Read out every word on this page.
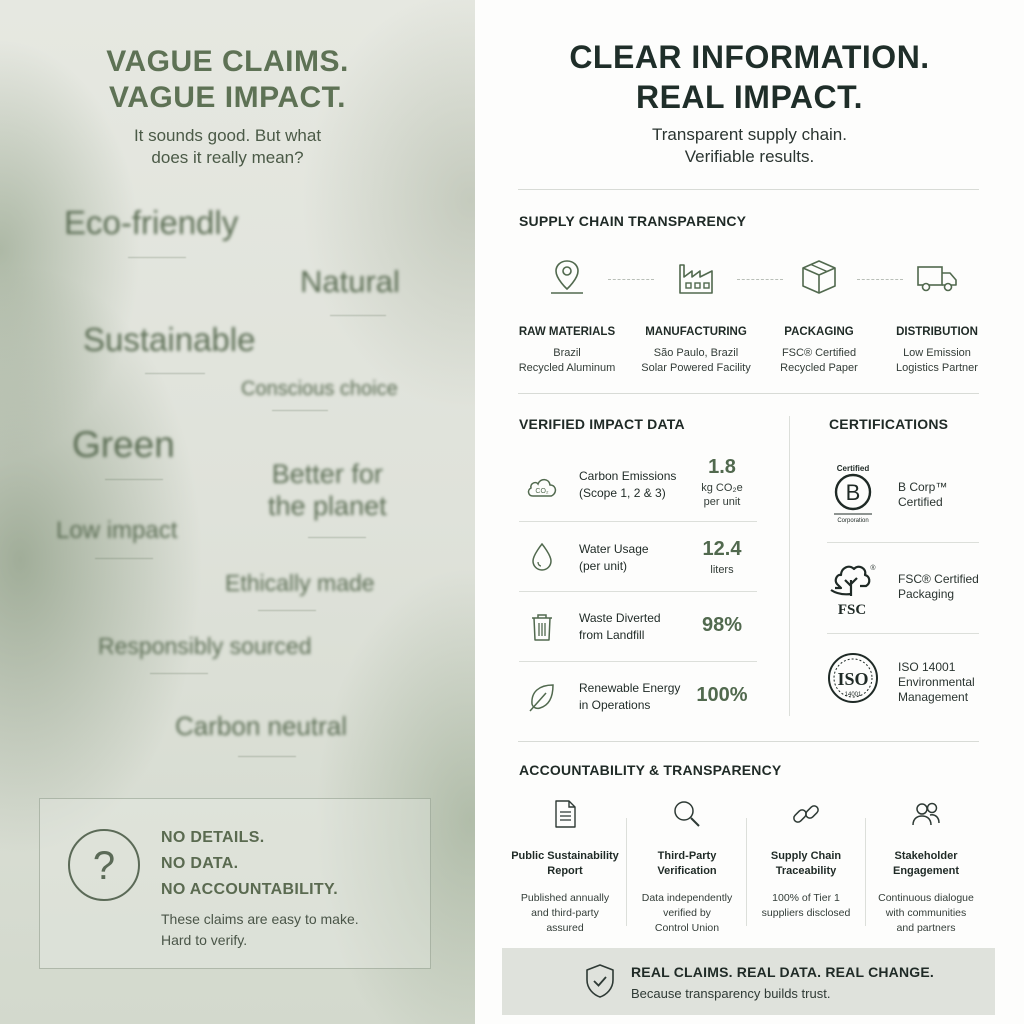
VAGUE CLAIMS.
VAGUE IMPACT.
It sounds good. But what
does it really mean?
Eco-friendly
Natural
Sustainable
Conscious choice
Green
Better for
the planet
Low impact
Ethically made
Responsibly sourced
Carbon neutral
?
NO DETAILS.
NO DATA.
NO ACCOUNTABILITY.
These claims are easy to make.
Hard to verify.
CLEAR INFORMATION.
REAL IMPACT.
Transparent supply chain.
Verifiable results.
SUPPLY CHAIN TRANSPARENCY
RAW MATERIALS
Brazil
Recycled Aluminum
MANUFACTURING
São Paulo, Brazil
Solar Powered Facility
PACKAGING
FSC® Certified
Recycled Paper
DISTRIBUTION
Low Emission
Logistics Partner
VERIFIED IMPACT DATA
CO₂
Carbon Emissions
(Scope 1, 2 & 3)
1.8
kg CO₂e
per unit
Water Usage
(per unit)
12.4
liters
Waste Diverted
from Landfill	98%
Renewable Energy
in Operations	100%
CERTIFICATIONS
Certified
B
Corporation
B Corp™
Certified
FSC
®
FSC® Certified
Packaging
ISO
14001
ISO 14001
Environmental
Management
ACCOUNTABILITY & TRANSPARENCY
Public Sustainability
Report
Published annually
and third-party
assured
Third-Party
Verification
Data independently
verified by
Control Union
Supply Chain
Traceability
100% of Tier 1
suppliers disclosed
Stakeholder
Engagement
Continuous dialogue
with communities
and partners
REAL CLAIMS. REAL DATA. REAL CHANGE.
Because transparency builds trust.
